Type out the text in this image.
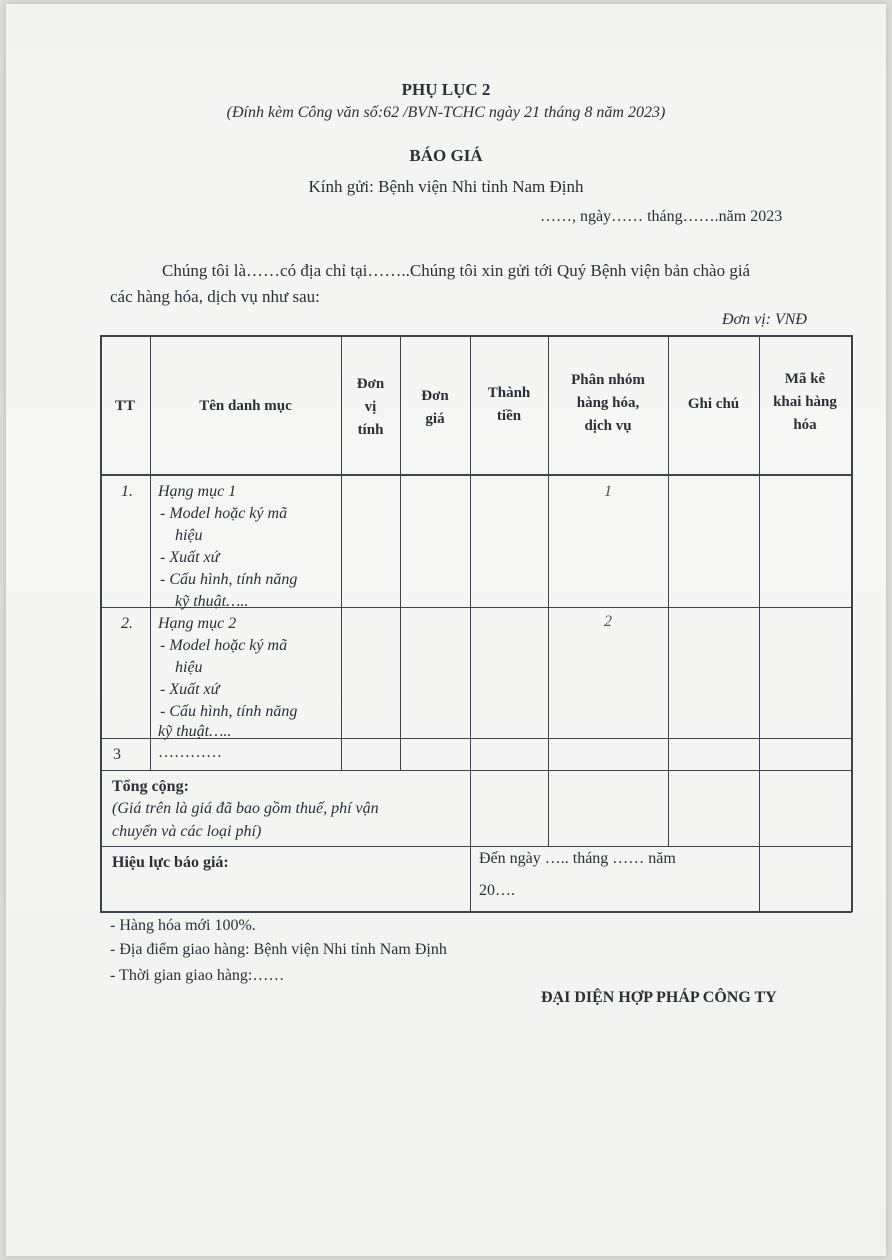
PHỤ LỤC 2
(Đính kèm Công văn số:62 /BVN-TCHC ngày 21 tháng 8 năm 2023)
BÁO GIÁ
Kính gửi: Bệnh viện Nhi tỉnh Nam Định
……, ngày…… tháng…….năm 2023
Chúng tôi là……có địa chỉ tại……..Chúng tôi xin gửi tới Quý Bệnh viện bản chào giá
các hàng hóa, dịch vụ như sau:
Đơn vị: VNĐ
TT	Tên danh mục
Đơn
vị
tính
Đơn
giá
Thành
tiền
Phân nhóm
hàng hóa,
dịch vụ
Ghi chú
Mã kê
khai hàng
hóa
1. Hạng mục 1
- Model hoặc ký mã
hiệu
- Xuất xứ
- Cấu hình, tính năng
kỹ thuật…..
1
2. Hạng mục 2
- Model hoặc ký mã
hiệu
- Xuất xứ
- Cấu hình, tính năng
kỹ thuật…..
2
3 …………
Tổng cộng:
(Giá trên là giá đã bao gồm thuế, phí vận
chuyển và các loại phí)
Hiệu lực báo giá:	Đến ngày ….. tháng …… năm
20….
- Hàng hóa mới 100%.
- Địa điểm giao hàng: Bệnh viện Nhi tỉnh Nam Định
- Thời gian giao hàng:……
ĐẠI DIỆN HỢP PHÁP CÔNG TY
